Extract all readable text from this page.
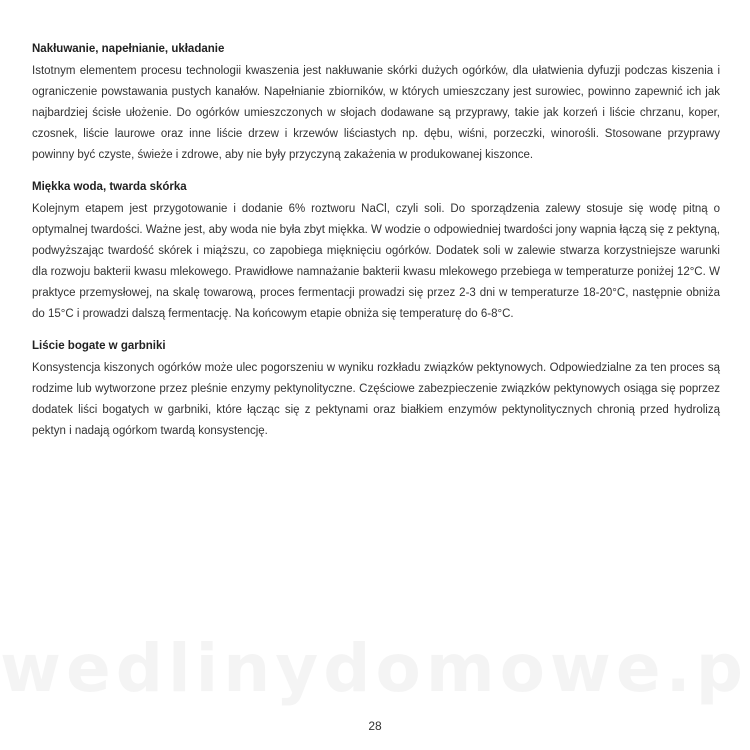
Nakłuwanie, napełnianie, układanie

Istotnym elementem procesu technologii kwaszenia jest nakłuwanie skórki dużych ogórków, dla ułatwienia dyfuzji podczas kiszenia i ograniczenie powstawania pustych kanałów. Napełnianie zbiorników, w których umieszczany jest surowiec, powinno zapewnić ich jak najbardziej ścisłe ułożenie. Do ogórków umieszczonych w słojach dodawane są przyprawy, takie jak korzeń i liście chrzanu, koper, czosnek, liście laurowe oraz inne liście drzew i krzewów liściastych np. dębu, wiśni, porzeczki, winorośli. Stosowane przyprawy powinny być czyste, świeże i zdrowe, aby nie były przyczyną zakażenia w produkowanej kiszonce.

Miękka woda, twarda skórka

Kolejnym etapem jest przygotowanie i dodanie 6% roztworu NaCl, czyli soli. Do sporządzenia zalewy stosuje się wodę pitną o optymalnej twardości. Ważne jest, aby woda nie była zbyt miękka. W wodzie o odpowiedniej twardości jony wapnia łączą się z pektyną, podwyższając twardość skórek i miąższu, co zapobiega mięknięciu ogórków. Dodatek soli w zalewie stwarza korzystniejsze warunki dla rozwoju bakterii kwasu mlekowego. Prawidłowe namnażanie bakterii kwasu mlekowego przebiega w temperaturze poniżej 12°C. W praktyce przemysłowej, na skalę towarową, proces fermentacji prowadzi się przez 2-3 dni w temperaturze 18-20°C, następnie obniża do 15°C i prowadzi dalszą fermentację. Na końcowym etapie obniża się temperaturę do 6-8°C.

Liście bogate w garbniki

Konsystencja kiszonych ogórków może ulec pogorszeniu w wyniku rozkładu związków pektynowych. Odpowiedzialne za ten proces są rodzime lub wytworzone przez pleśnie enzymy pektynolityczne. Częściowe zabezpieczenie związków pektynowych osiąga się poprzez dodatek liści bogatych w garbniki, które łącząc się z pektynami oraz białkiem enzymów pektynolitycznych chronią przed hydrolizą pektyn i nadają ogórkom twardą konsystencję.

28
